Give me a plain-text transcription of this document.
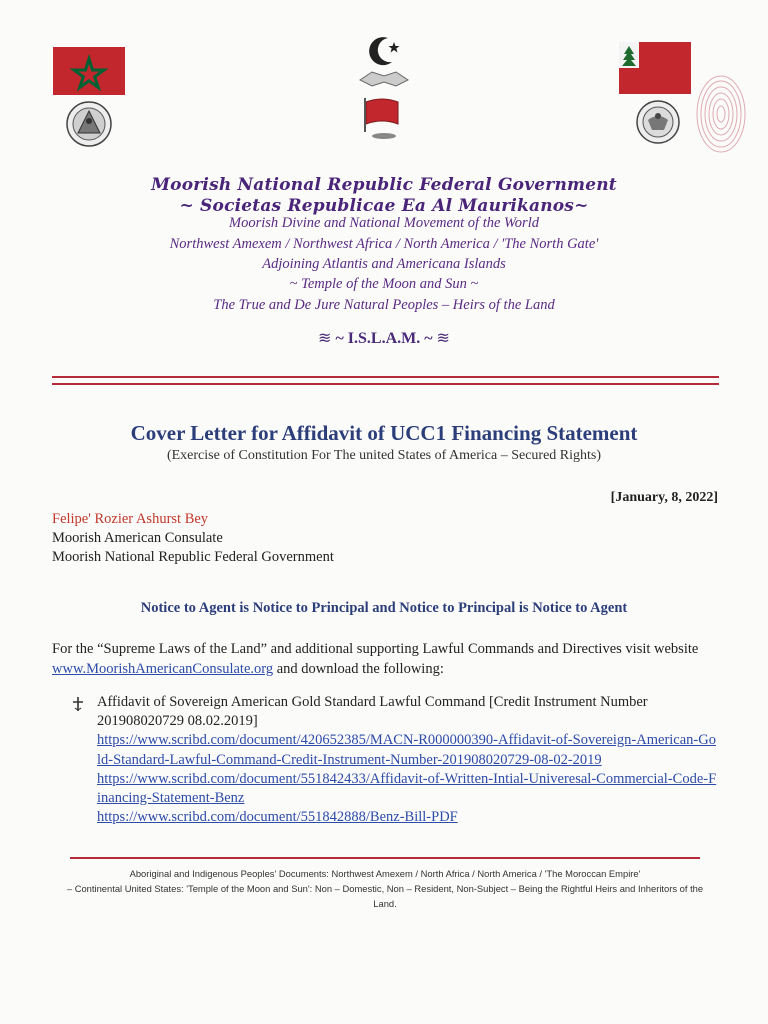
Moorish National Republic Federal Government
~ Societas Republicae Ea Al Maurikanos~
Moorish Divine and National Movement of the World
Northwest Amexem / Northwest Africa / North America / 'The North Gate'
Adjoining Atlantis and Americana Islands
~ Temple of the Moon and Sun ~
The True and De Jure Natural Peoples – Heirs of the Land
≋ ~ I.S.L.A.M. ~ ≋
Cover Letter for Affidavit of UCC1 Financing Statement
(Exercise of Constitution For The united States of America – Secured Rights)
[January, 8, 2022]
Felipe' Rozier Ashurst Bey
Moorish American Consulate
Moorish National Republic Federal Government
Notice to Agent is Notice to Principal and Notice to Principal is Notice to Agent
For the “Supreme Laws of the Land” and additional supporting Lawful Commands and Directives visit website www.MoorishAmericanConsulate.org and download the following:
Affidavit of Sovereign American Gold Standard Lawful Command [Credit Instrument Number 201908020729 08.02.2019]
https://www.scribd.com/document/420652385/MACN-R000000390-Affidavit-of-Sovereign-American-Gold-Standard-Lawful-Command-Credit-Instrument-Number-201908020729-08-02-2019
https://www.scribd.com/document/551842433/Affidavit-of-Written-Intial-Univeresal-Commercial-Code-Financing-Statement-Benz
https://www.scribd.com/document/551842888/Benz-Bill-PDF
Aboriginal and Indigenous Peoples' Documents: Northwest Amexem / North Africa / North America / 'The Moroccan Empire'
– Continental United States: 'Temple of the Moon and Sun': Non – Domestic, Non – Resident, Non-Subject – Being the Rightful Heirs and Inheritors of the Land.
